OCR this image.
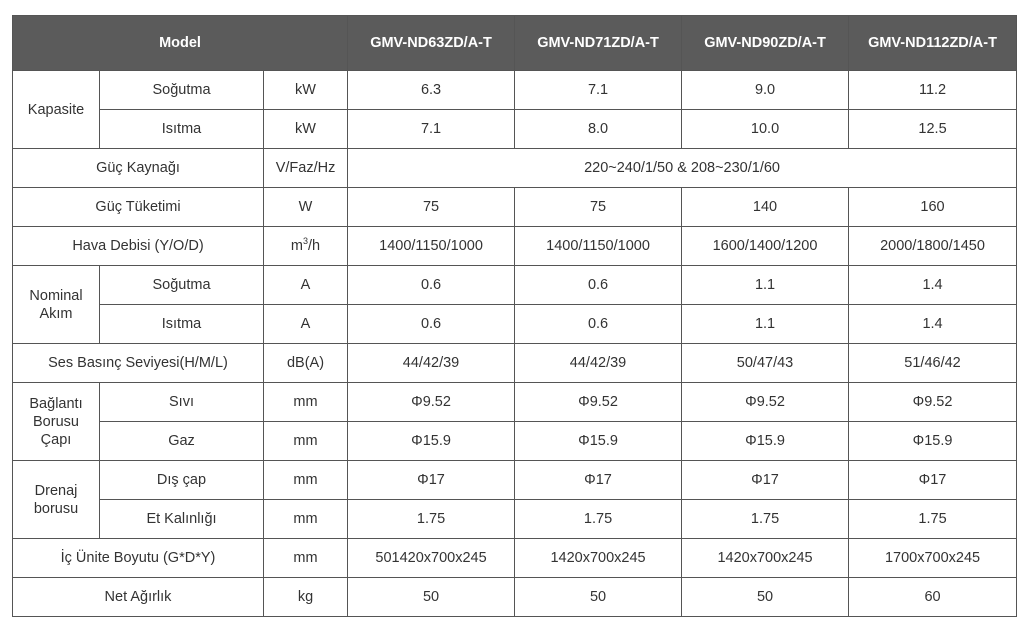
Model			GMV-ND63ZD/A-T	GMV-ND71ZD/A-T	GMV-ND90ZD/A-T	GMV-ND112ZD/A-T
Kapasite	Soğutma	kW	6.3	7.1	9.0	11.2
	Isıtma	kW	7.1	8.0	10.0	12.5
Güç Kaynağı		V/Faz/Hz	220~240/1/50 & 208~230/1/60			
Güç Tüketimi		W	75	75	140	160
Hava Debisi (Y/O/D)		$m^3/h$	1400/1150/1000	1400/1150/1000	1600/1400/1200	2000/1800/1450
Nominal Akım	Soğutma	A	0.6	0.6	1.1	1.4
	Isıtma	A	0.6	0.6	1.1	1.4
Ses Basınç Seviyesi(H/M/L)		dB(A)	44/42/39	44/42/39	50/47/43	51/46/42
Bağlantı Borusu Çapı	Sıvı	mm	Φ9.52	Φ9.52	Φ9.52	Φ9.52
	Gaz	mm	Φ15.9	Φ15.9	Φ15.9	Φ15.9
Drenaj borusu	Dış çap	mm	Φ17	Φ17	Φ17	Φ17
	Et Kalınlığı	mm	1.75	1.75	1.75	1.75
İç Ünite Boyutu (G*D*Y)		mm	501420x700x245	1420x700x245	1420x700x245	1700x700x245
Net Ağırlık		kg	50	50	50	60
